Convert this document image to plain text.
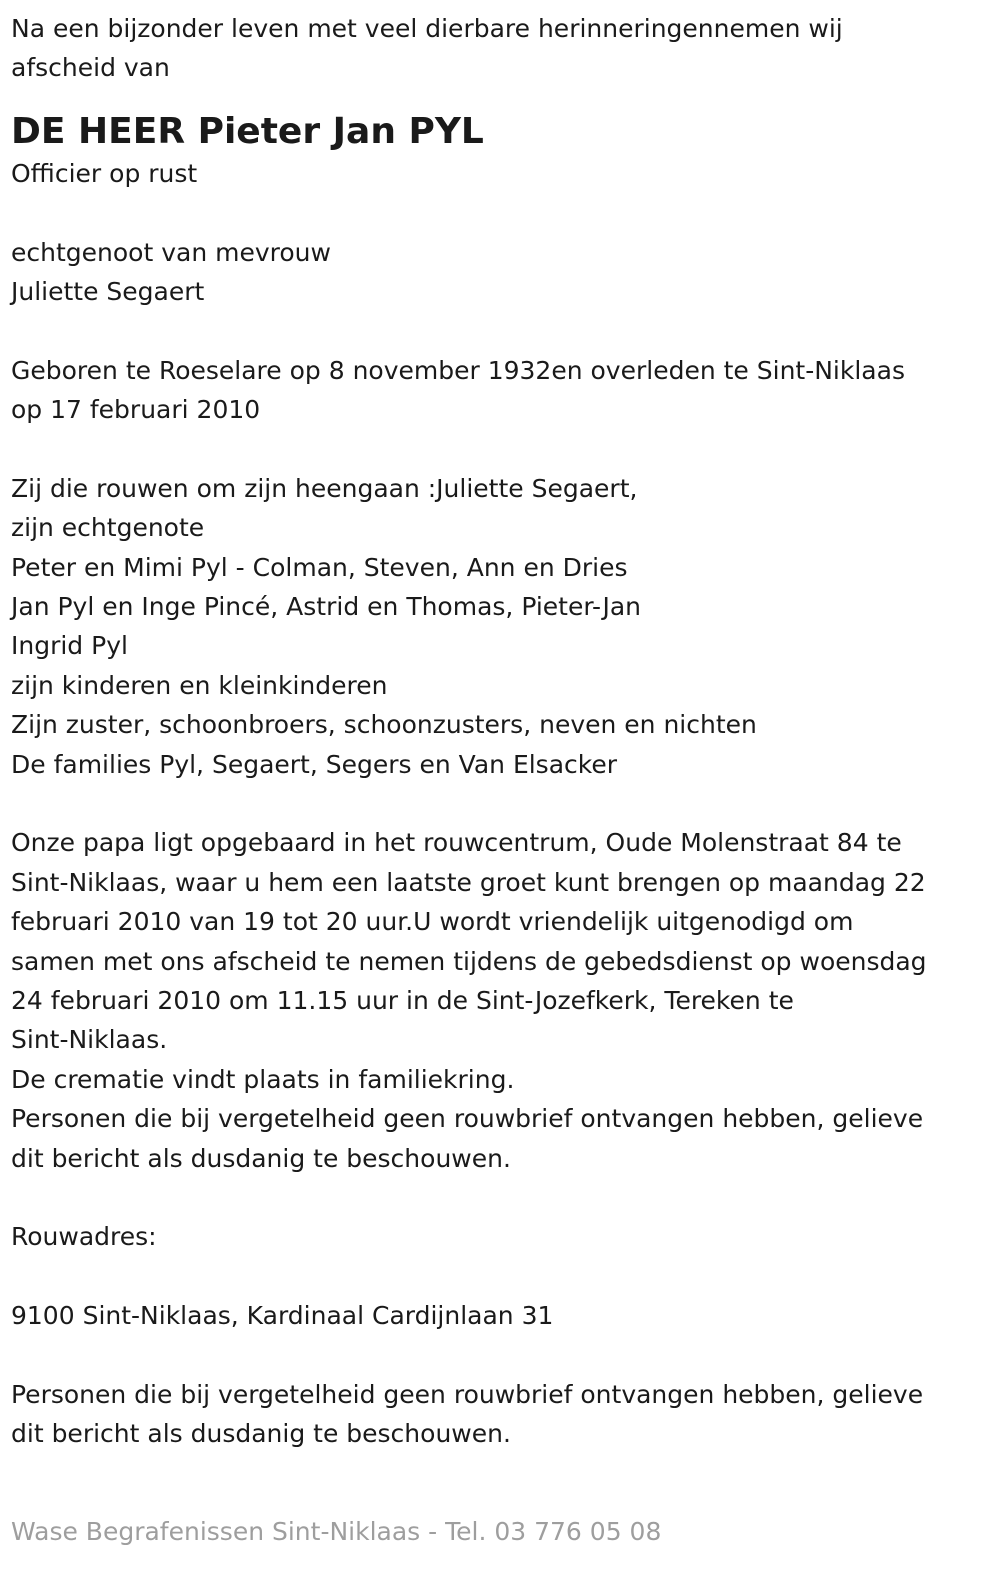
Na een bijzonder leven met veel dierbare herinneringennemen wij
afscheid van

DE HEER Pieter Jan PYL

Officier op rust

echtgenoot van mevrouw
Juliette Segaert

Geboren te Roeselare op 8 november 1932en overleden te Sint-Niklaas
op 17 februari 2010

Zij die rouwen om zijn heengaan :Juliette Segaert,
zijn echtgenote
Peter en Mimi Pyl - Colman, Steven, Ann en Dries
Jan Pyl en Inge Pincé, Astrid en Thomas, Pieter-Jan
Ingrid Pyl
zijn kinderen en kleinkinderen
Zijn zuster, schoonbroers, schoonzusters, neven en nichten
De families Pyl, Segaert, Segers en Van Elsacker

Onze papa ligt opgebaard in het rouwcentrum, Oude Molenstraat 84 te
Sint-Niklaas, waar u hem een laatste groet kunt brengen op maandag 22
februari 2010 van 19 tot 20 uur.U wordt vriendelijk uitgenodigd om
samen met ons afscheid te nemen tijdens de gebedsdienst op woensdag
24 februari 2010 om 11.15 uur in de Sint-Jozefkerk, Tereken te
Sint-Niklaas.
De crematie vindt plaats in familiekring.
Personen die bij vergetelheid geen rouwbrief ontvangen hebben, gelieve
dit bericht als dusdanig te beschouwen.

Rouwadres:

9100 Sint-Niklaas, Kardinaal Cardijnlaan 31

Personen die bij vergetelheid geen rouwbrief ontvangen hebben, gelieve
dit bericht als dusdanig te beschouwen.

Wase Begrafenissen Sint-Niklaas - Tel. 03 776 05 08
